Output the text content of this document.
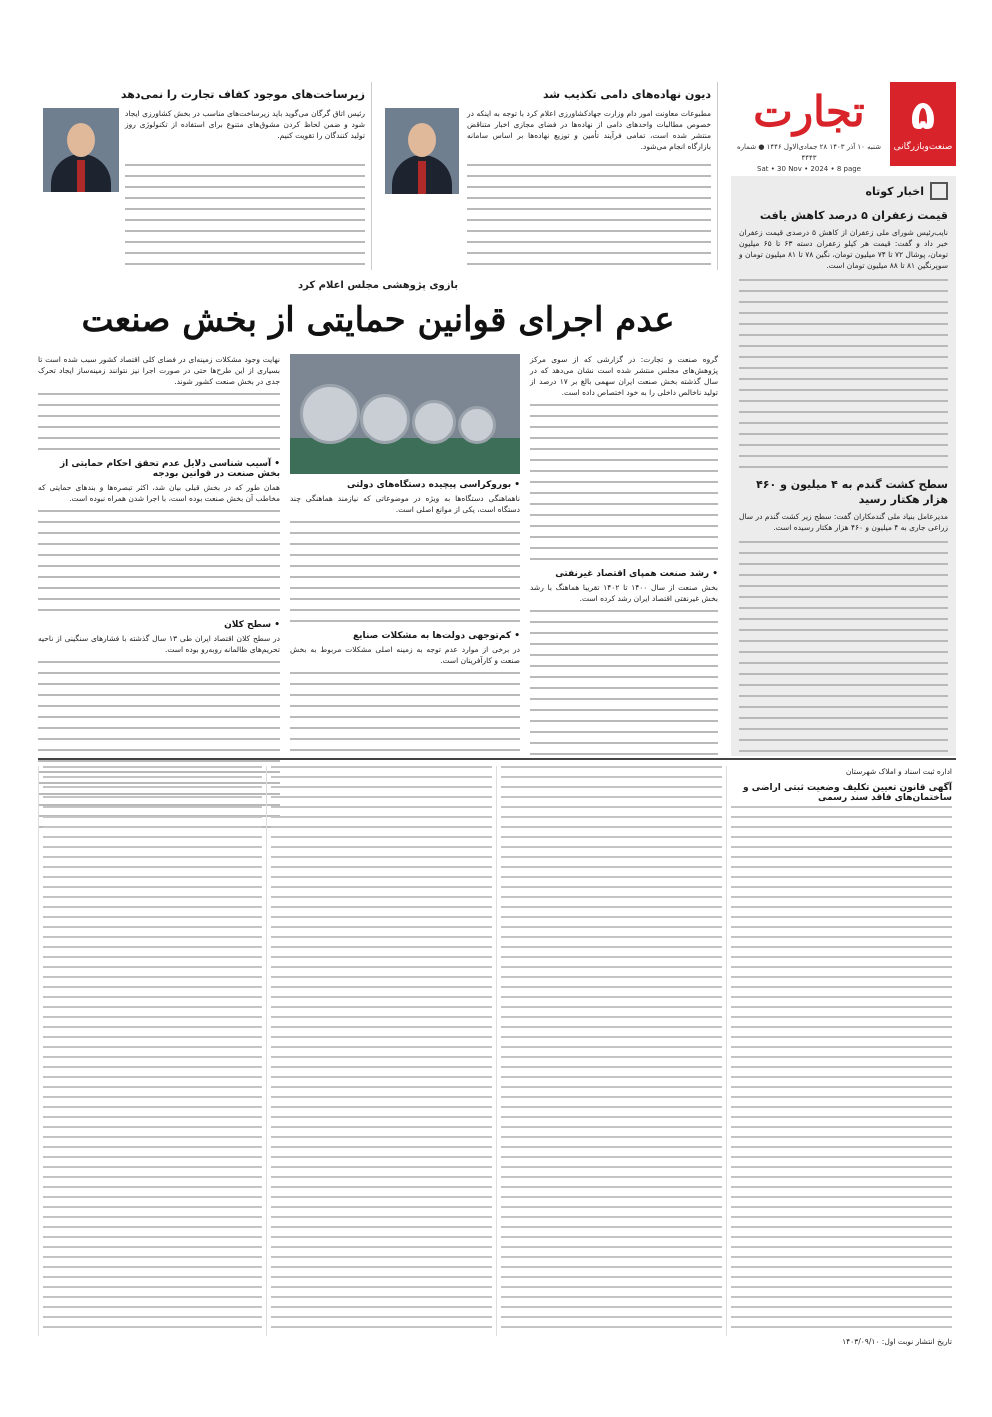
۵
صنعت‌وبازرگانی
تجارت
شنبه ۱۰ آذر ۱۴۰۳ ۲۸ جمادی‌الاول ۱۴۴۶ ● شماره ۴۴۴۳
Sat • 30 Nov • 2024 • 8 page
اخبار کوتاه
قیمت زعفران ۵ درصد کاهش یافت
نایب‌رئیس شورای ملی زعفران از کاهش ۵ درصدی قیمت زعفران خبر داد و گفت: قیمت هر کیلو زعفران دسته ۶۳ تا ۶۵ میلیون تومان، پوشال ۷۲ تا ۷۴ میلیون تومان، نگین ۷۸ تا ۸۱ میلیون تومان و سوپرنگین ۸۱ تا ۸۸ میلیون تومان است.
سطح کشت گندم به ۴ میلیون و ۴۶۰ هزار هکتار رسید
مدیرعامل بنیاد ملی گندمکاران گفت: سطح زیر کشت گندم در سال زراعی جاری به ۴ میلیون و ۴۶۰ هزار هکتار رسیده است.
دیون نهاده‌های دامی تکذیب شد
مطبوعات معاونت امور دام وزارت جهادکشاورزی اعلام کرد با توجه به اینکه در خصوص مطالبات واحدهای دامی از نهاده‌ها در فضای مجازی اخبار متناقض منتشر شده است، تمامی فرآیند تأمین و توزیع نهاده‌ها بر اساس سامانه بازارگاه انجام می‌شود.
زیرساخت‌های موجود کفاف تجارت را نمی‌دهد
رئیس اتاق گرگان می‌گوید باید زیرساخت‌های مناسب در بخش کشاورزی ایجاد شود و ضمن لحاظ کردن مشوق‌های متنوع برای استفاده از تکنولوژی روز تولید کنندگان را تقویت کنیم.
بازوی پژوهشی مجلس اعلام کرد
عدم اجرای قوانین حمایتی از بخش صنعت
گروه صنعت و تجارت: در گزارشی که از سوی مرکز پژوهش‌های مجلس منتشر شده است نشان می‌دهد که در سال گذشته بخش صنعت ایران سهمی بالغ بر ۱۷ درصد از تولید ناخالص داخلی را به خود اختصاص داده است.
• رشد صنعت همپای اقتصاد غیرنفتی
بخش صنعت از سال ۱۴۰۰ تا ۱۴۰۲ تقریبا هماهنگ با رشد بخش غیرنفتی اقتصاد ایران رشد کرده است.
• بوروکراسی پیچیده دستگاه‌های دولتی
ناهماهنگی دستگاه‌ها به ویژه در موضوعاتی که نیازمند هماهنگی چند دستگاه است، یکی از موانع اصلی است.
• کم‌توجهی دولت‌ها به مشکلات صنایع
در برخی از موارد عدم توجه به زمینه اصلی مشکلات مربوط به بخش صنعت و کارآفرینان است.
نهایت وجود مشکلات زمینه‌ای در فضای کلی اقتصاد کشور سبب شده است تا بسیاری از این طرح‌ها حتی در صورت اجرا نیز نتوانند زمینه‌ساز ایجاد تحرک جدی در بخش صنعت کشور شوند.
• آسیب شناسی دلایل عدم تحقق احکام حمایتی از بخش صنعت در قوانین بودجه
همان طور که در بخش قبلی بیان شد، اکثر تبصره‌ها و بندهای حمایتی که مخاطب آن بخش صنعت بوده است، با اجرا شدن همراه نبوده است.
• سطح کلان
در سطح کلان اقتصاد ایران طی ۱۳ سال گذشته با فشارهای سنگینی از ناحیه تحریم‌های ظالمانه روبه‌رو بوده است.
اداره ثبت اسناد و املاک شهرستان
آگهی قانون تعیین تکلیف وضعیت ثبتی اراضی و ساختمان‌های فاقد سند رسمی
تاریخ انتشار نوبت اول: ۱۴۰۳/۰۹/۱۰
